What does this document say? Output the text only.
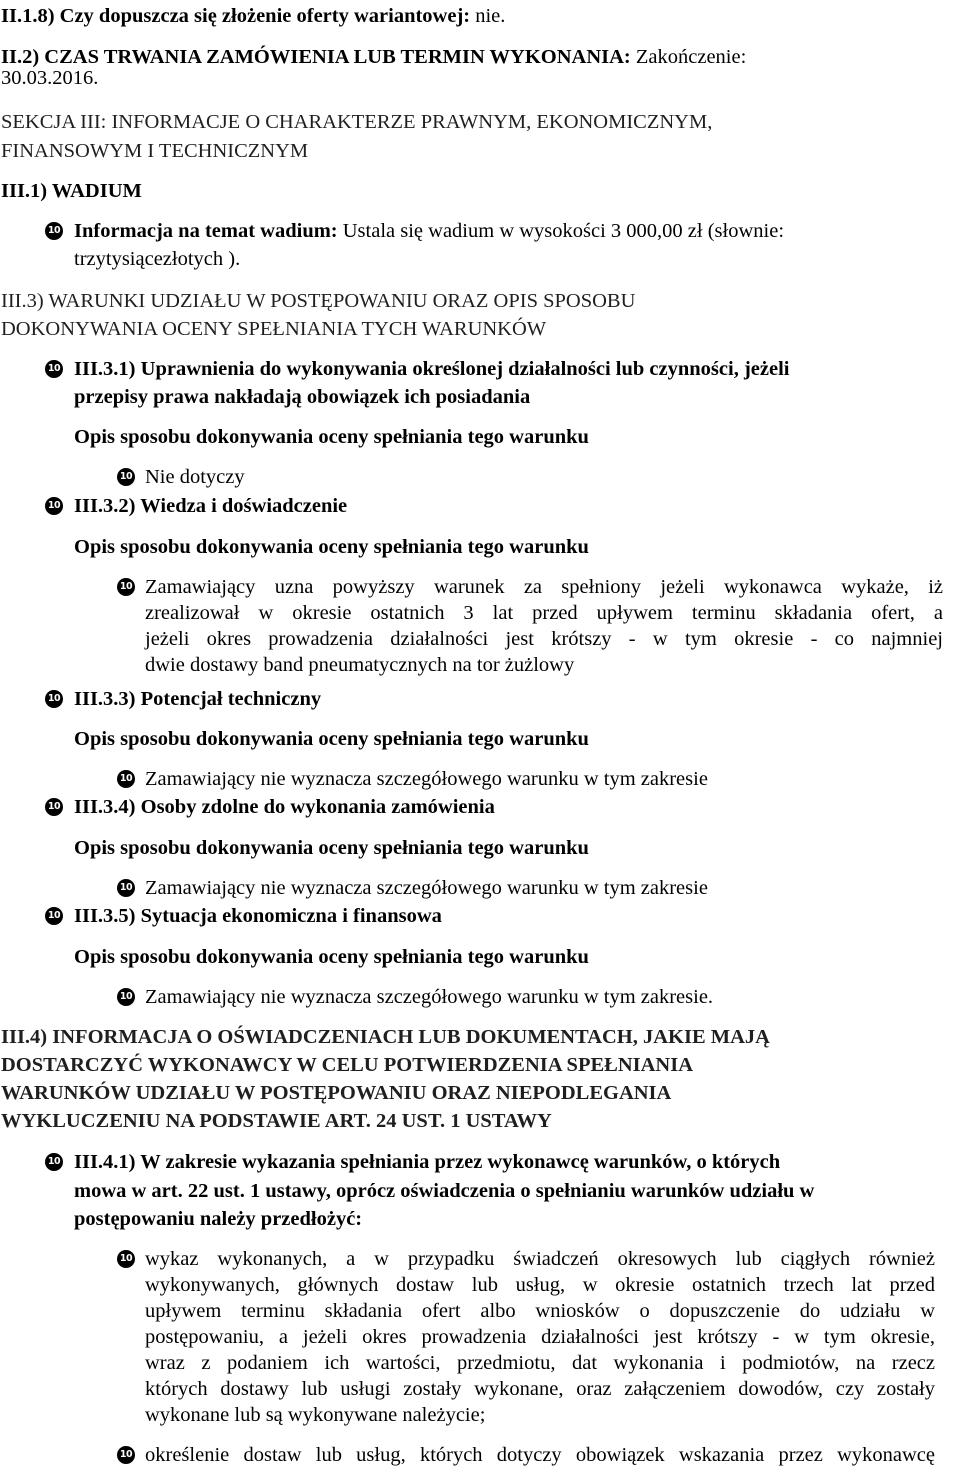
II.1.8) Czy dopuszcza się złożenie oferty wariantowej: nie.
II.2) CZAS TRWANIA ZAMÓWIENIA LUB TERMIN WYKONANIA: Zakończenie:
30.03.2016.
SEKCJA III: INFORMACJE O CHARAKTERZE PRAWNYM, EKONOMICZNYM,
FINANSOWYM I TECHNICZNYM
III.1) WADIUM
10 Informacja na temat wadium: Ustala się wadium w wysokości 3 000,00 zł (słownie:
trzytysiącezłotych ).
III.3) WARUNKI UDZIAŁU W POSTĘPOWANIU ORAZ OPIS SPOSOBU
DOKONYWANIA OCENY SPEŁNIANIA TYCH WARUNKÓW
10 III.3.1) Uprawnienia do wykonywania określonej działalności lub czynności, jeżeli
przepisy prawa nakładają obowiązek ich posiadania
Opis sposobu dokonywania oceny spełniania tego warunku
10 Nie dotyczy
10 III.3.2) Wiedza i doświadczenie
Opis sposobu dokonywania oceny spełniania tego warunku
10 Zamawiający uzna powyższy warunek za spełniony jeżeli wykonawca wykaże, iż
zrealizował w okresie ostatnich 3 lat przed upływem terminu składania ofert, a
jeżeli okres prowadzenia działalności jest krótszy - w tym okresie - co najmniej
dwie dostawy band pneumatycznych na tor żużlowy
10 III.3.3) Potencjał techniczny
Opis sposobu dokonywania oceny spełniania tego warunku
10 Zamawiający nie wyznacza szczegółowego warunku w tym zakresie
10 III.3.4) Osoby zdolne do wykonania zamówienia
Opis sposobu dokonywania oceny spełniania tego warunku
10 Zamawiający nie wyznacza szczegółowego warunku w tym zakresie
10 III.3.5) Sytuacja ekonomiczna i finansowa
Opis sposobu dokonywania oceny spełniania tego warunku
10 Zamawiający nie wyznacza szczegółowego warunku w tym zakresie.
III.4) INFORMACJA O OŚWIADCZENIACH LUB DOKUMENTACH, JAKIE MAJĄ
DOSTARCZYĆ WYKONAWCY W CELU POTWIERDZENIA SPEŁNIANIA
WARUNKÓW UDZIAŁU W POSTĘPOWANIU ORAZ NIEPODLEGANIA
WYKLUCZENIU NA PODSTAWIE ART. 24 UST. 1 USTAWY
10 III.4.1) W zakresie wykazania spełniania przez wykonawcę warunków, o których
mowa w art. 22 ust. 1 ustawy, oprócz oświadczenia o spełnianiu warunków udziału w
postępowaniu należy przedłożyć:
10 wykaz wykonanych, a w przypadku świadczeń okresowych lub ciągłych również
wykonywanych, głównych dostaw lub usług, w okresie ostatnich trzech lat przed
upływem terminu składania ofert albo wniosków o dopuszczenie do udziału w
postępowaniu, a jeżeli okres prowadzenia działalności jest krótszy - w tym okresie,
wraz z podaniem ich wartości, przedmiotu, dat wykonania i podmiotów, na rzecz
których dostawy lub usługi zostały wykonane, oraz załączeniem dowodów, czy zostały
wykonane lub są wykonywane należycie;
10 określenie dostaw lub usług, których dotyczy obowiązek wskazania przez wykonawcę
